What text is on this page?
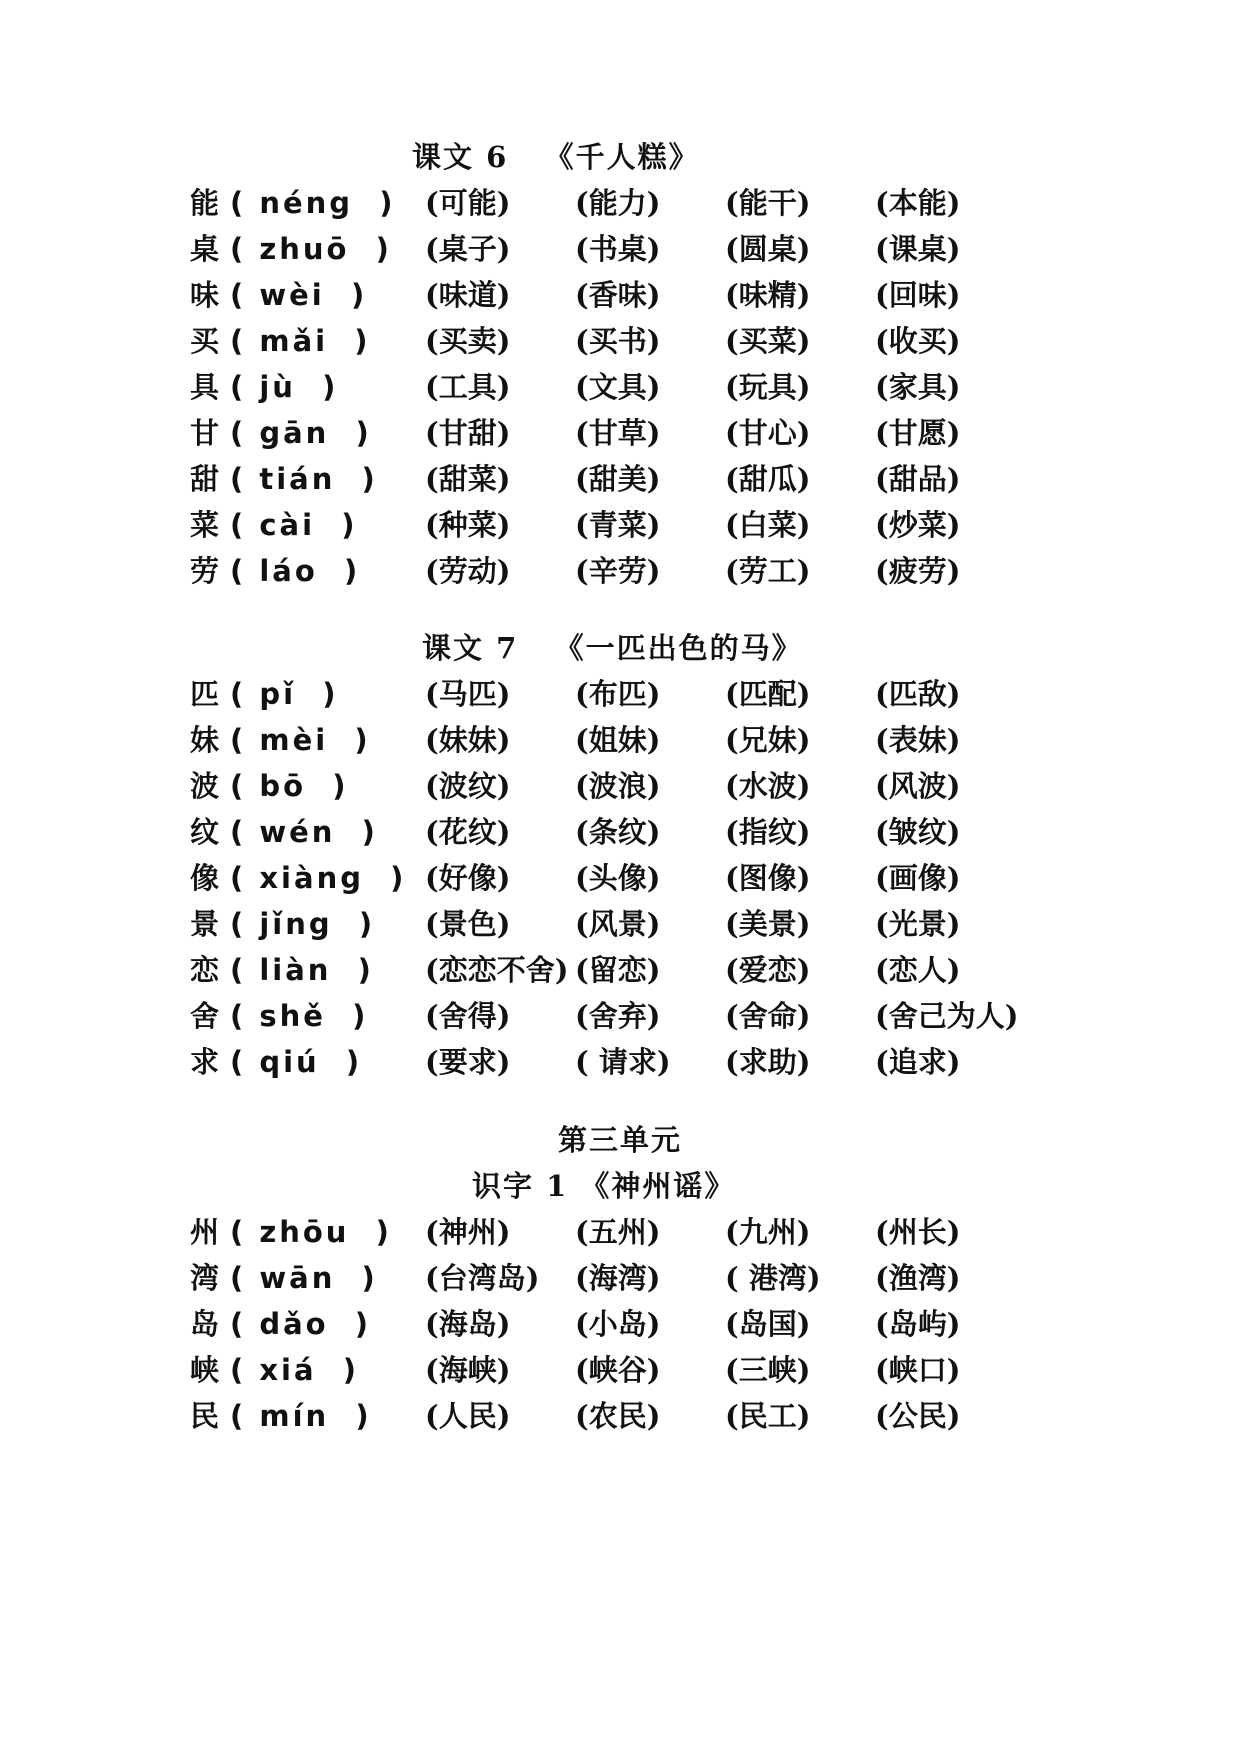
课文 6   《千人糕》
能 ( néng  ) (可能) (能力) (能干) (本能)
桌 ( zhuō  ) (桌子) (书桌) (圆桌) (课桌)
味 ( wèi  ) (味道) (香味) (味精) (回味)
买 ( mǎi  ) (买卖) (买书) (买菜) (收买)
具 ( jù  )	(工具) (文具) (玩具) (家具)
甘 ( gān  ) (甘甜) (甘草) (甘心) (甘愿)
甜 ( tián  ) (甜菜) (甜美) (甜瓜) (甜品)
菜 ( cài  ) (种菜) (青菜) (白菜) (炒菜)
劳 ( láo  ) (劳动) (辛劳) (劳工) (疲劳)
课文 7   《一匹出色的马》
匹 ( pǐ  )	(马匹) (布匹) (匹配) (匹敌)
妹 ( mèi  ) (妹妹) (姐妹) (兄妹) (表妹)
波 ( bō  )	(波纹) (波浪) (水波) (风波)
纹 ( wén  ) (花纹) (条纹) (指纹) (皱纹)
像 ( xiàng  ) (好像) (头像) (图像) (画像)
景 ( jǐng  ) (景色) (风景) (美景) (光景)
恋 ( liàn  ) (恋恋不舍) (留恋) (爱恋) (恋人)
舍 ( shě  ) (舍得) (舍弃) (舍命) (舍己为人)
求 ( qiú  ) (要求) ( 请求) (求助) (追求)
第三单元
识字 1 《神州谣》
州 ( zhōu  ) (神州) (五州) (九州) (州长)
湾 ( wān  ) (台湾岛) (海湾) ( 港湾) (渔湾)
岛 ( dǎo  ) (海岛) (小岛) (岛国) (岛屿)
峡 ( xiá  ) (海峡) (峡谷) (三峡) (峡口)
民 ( mín  ) (人民) (农民) (民工) (公民)
